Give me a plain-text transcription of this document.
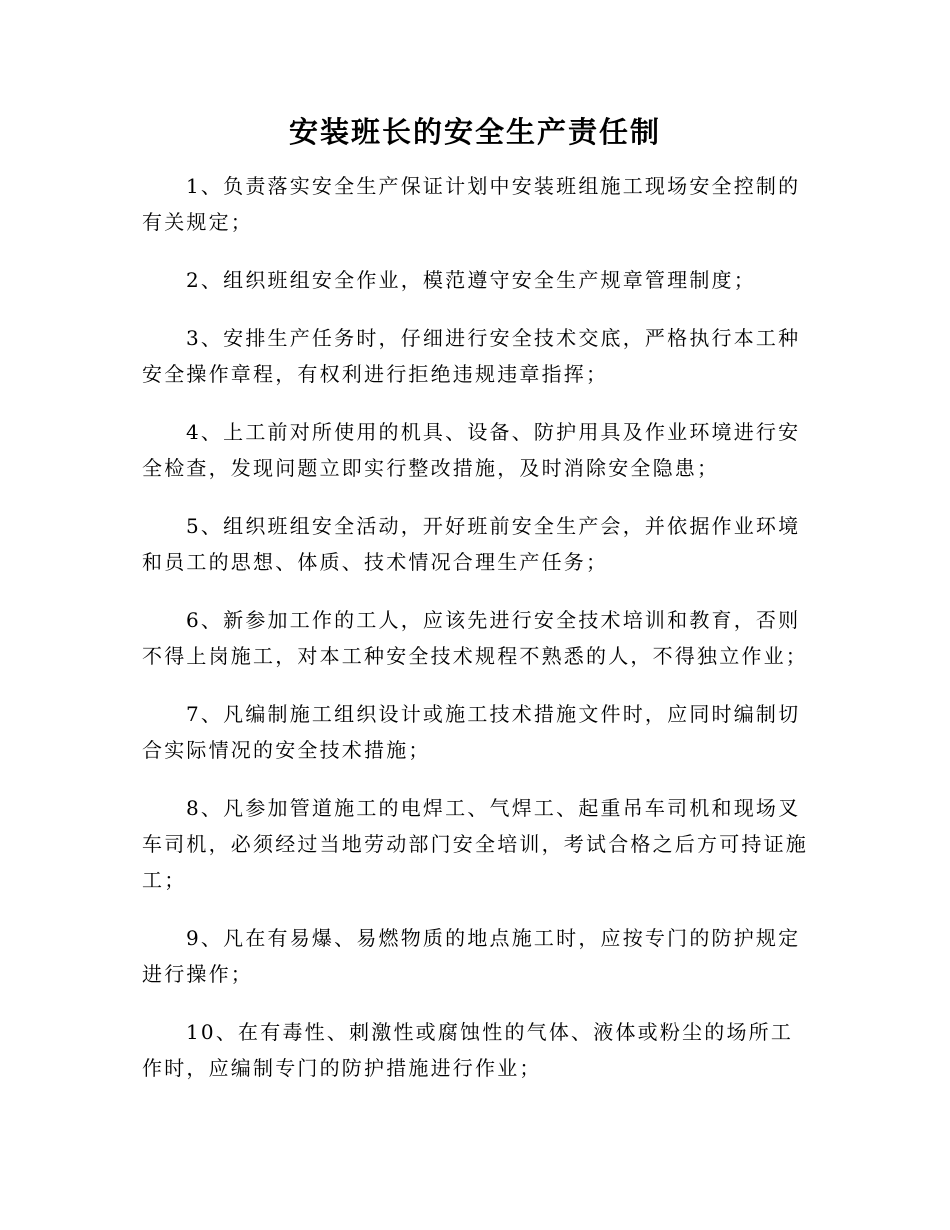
安装班长的安全生产责任制

1、负责落实安全生产保证计划中安装班组施工现场安全控制的有关规定；

2、组织班组安全作业，模范遵守安全生产规章管理制度；

3、安排生产任务时，仔细进行安全技术交底，严格执行本工种安全操作章程，有权利进行拒绝违规违章指挥；

4、上工前对所使用的机具、设备、防护用具及作业环境进行安全检查，发现问题立即实行整改措施，及时消除安全隐患；

5、组织班组安全活动，开好班前安全生产会，并依据作业环境和员工的思想、体质、技术情况合理生产任务；

6、新参加工作的工人，应该先进行安全技术培训和教育，否则不得上岗施工，对本工种安全技术规程不熟悉的人，不得独立作业；

7、凡编制施工组织设计或施工技术措施文件时，应同时编制切合实际情况的安全技术措施；

8、凡参加管道施工的电焊工、气焊工、起重吊车司机和现场叉车司机，必须经过当地劳动部门安全培训，考试合格之后方可持证施工；

9、凡在有易爆、易燃物质的地点施工时，应按专门的防护规定进行操作；

10、在有毒性、刺激性或腐蚀性的气体、液体或粉尘的场所工作时，应编制专门的防护措施进行作业；
